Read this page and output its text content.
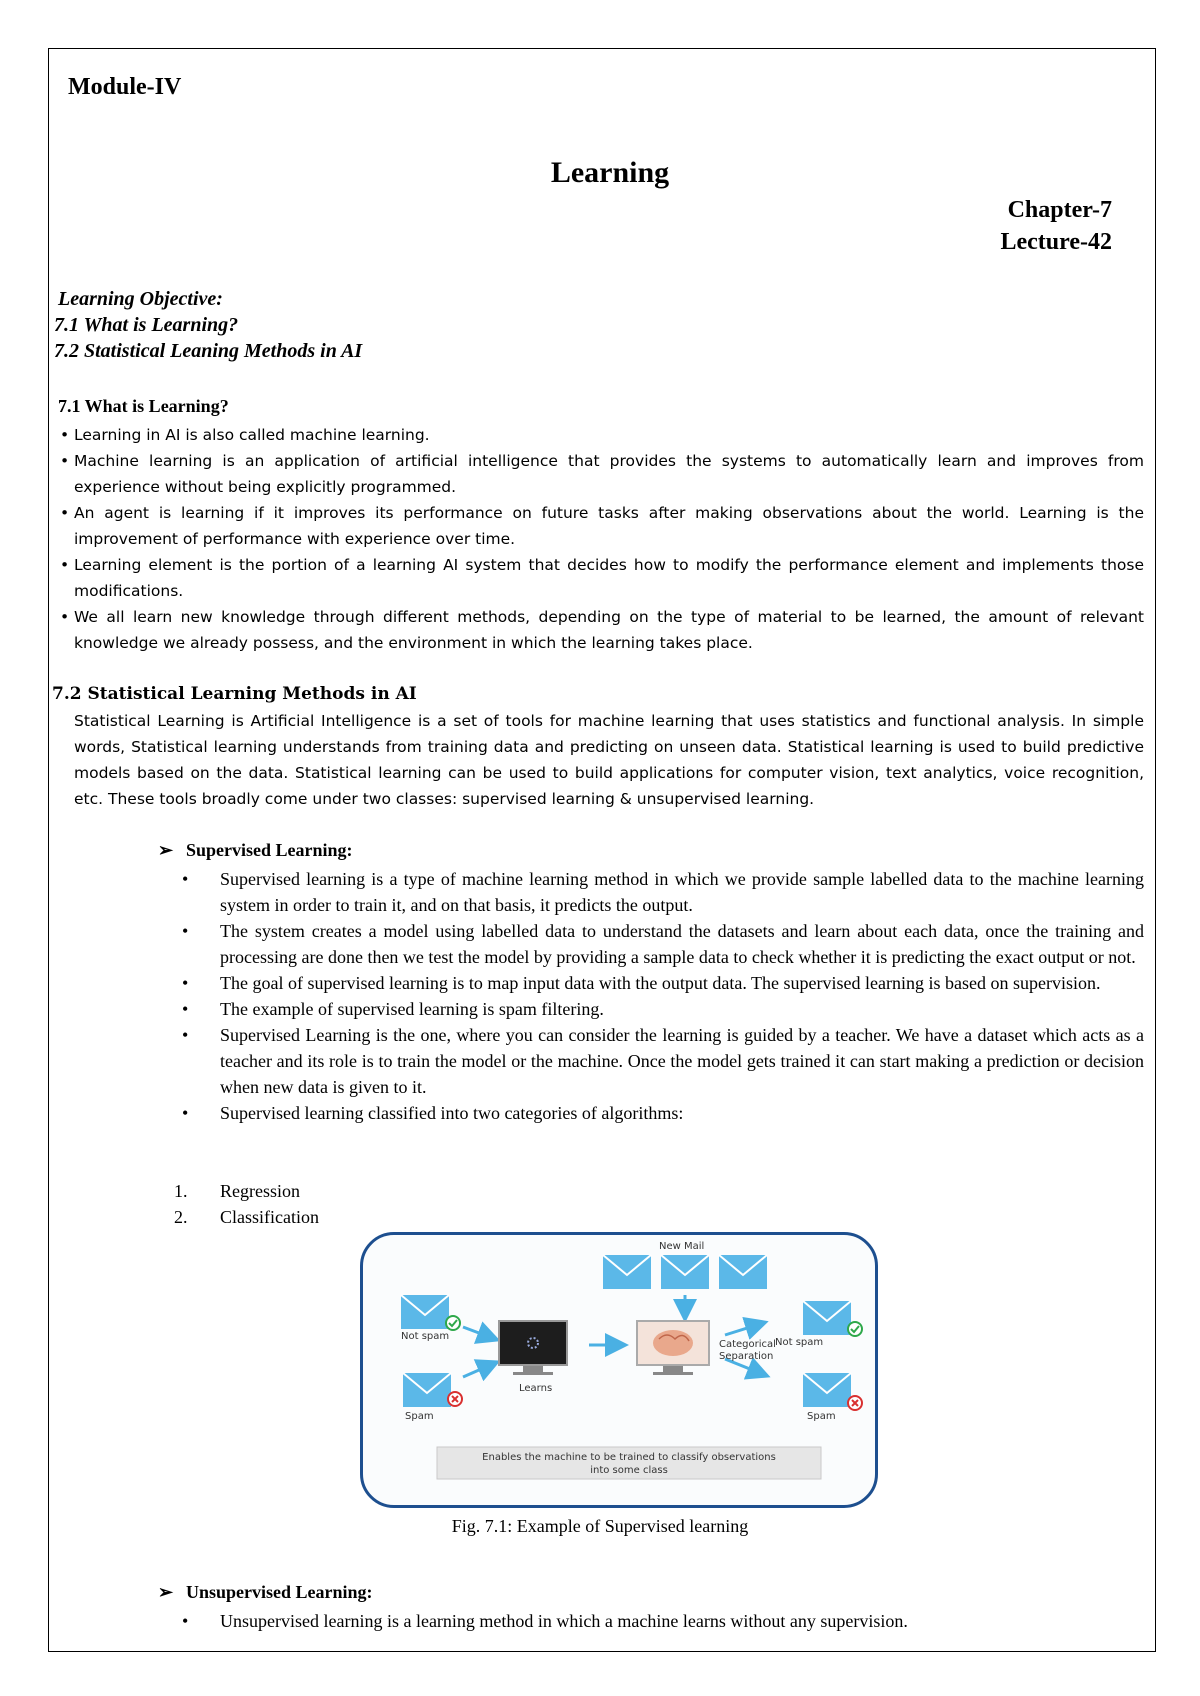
Module-IV
Learning
Chapter-7
Lecture-42
Learning Objective:
7.1 What is Learning?
7.2 Statistical Leaning Methods in AI
7.1 What is Learning?
• Learning in AI is also called machine learning.
• Machine learning is an application of artificial intelligence that provides the systems to automatically learn and improves from experience without being explicitly programmed.
• An agent is learning if it improves its performance on future tasks after making observations about the world. Learning is the improvement of performance with experience over time.
• Learning element is the portion of a learning AI system that decides how to modify the performance element and implements those modifications.
• We all learn new knowledge through different methods, depending on the type of material to be learned, the amount of relevant knowledge we already possess, and the environment in which the learning takes place.
7.2 Statistical Learning Methods in AI
Statistical Learning is Artificial Intelligence is a set of tools for machine learning that uses statistics and functional analysis. In simple words, Statistical learning understands from training data and predicting on unseen data. Statistical learning is used to build predictive models based on the data. Statistical learning can be used to build applications for computer vision, text analytics, voice recognition, etc. These tools broadly come under two classes: supervised learning & unsupervised learning.
➢ Supervised Learning:
• Supervised learning is a type of machine learning method in which we provide sample labelled data to the machine learning system in order to train it, and on that basis, it predicts the output.
• The system creates a model using labelled data to understand the datasets and learn about each data, once the training and processing are done then we test the model by providing a sample data to check whether it is predicting the exact output or not.
• The goal of supervised learning is to map input data with the output data. The supervised learning is based on supervision.
• The example of supervised learning is spam filtering.
• Supervised Learning is the one, where you can consider the learning is guided by a teacher. We have a dataset which acts as a teacher and its role is to train the model or the machine. Once the model gets trained it can start making a prediction or decision when new data is given to it.
• Supervised learning classified into two categories of algorithms:
1. Regression
2. Classification
New Mail
Not spam
Spam
Learns
Categorical
Separation
Not spam
Spam
Enables the machine to be trained to classify observations
into some class
Fig. 7.1: Example of Supervised learning
➢ Unsupervised Learning:
• Unsupervised learning is a learning method in which a machine learns without any supervision.
